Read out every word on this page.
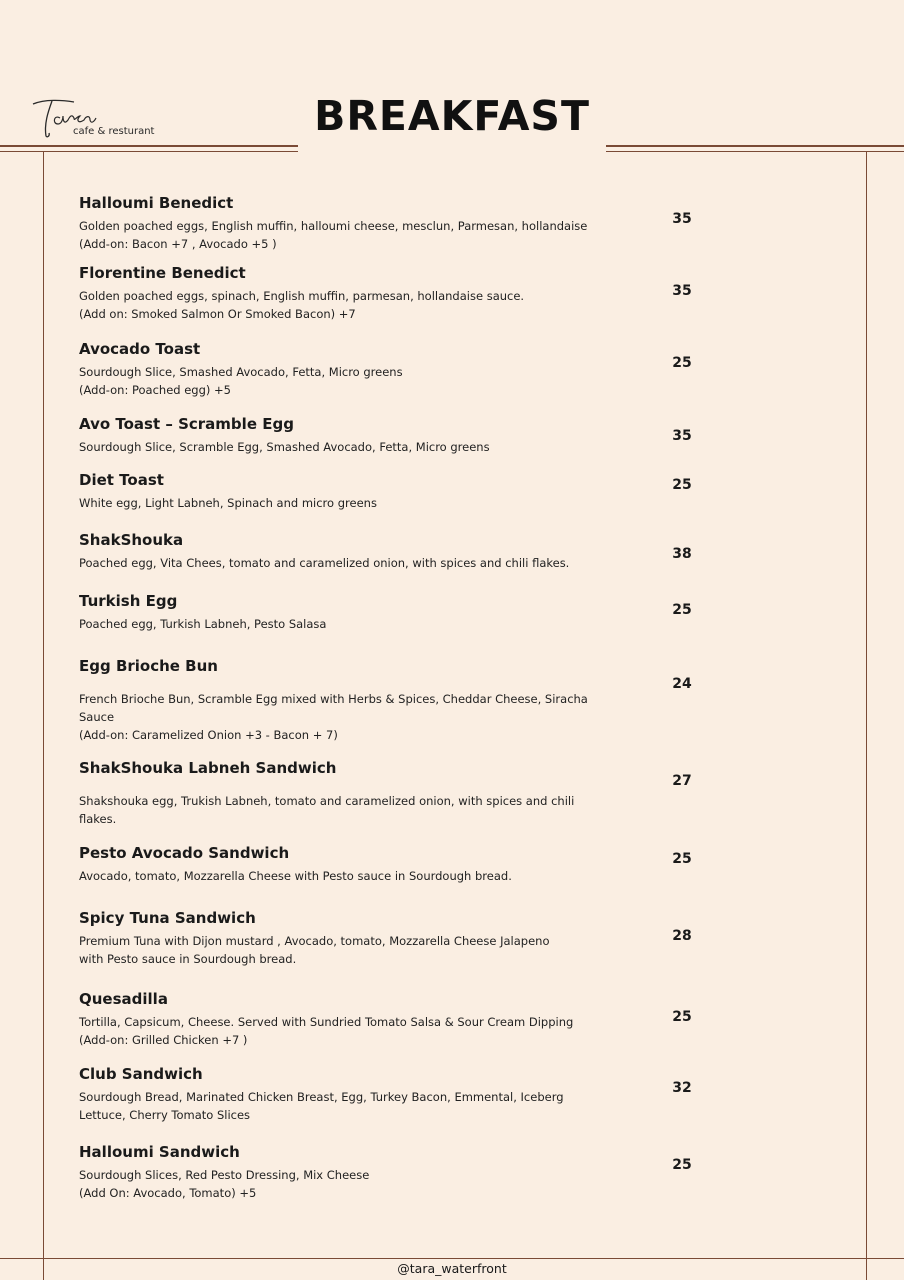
cafe & resturant	BREAKFAST
Halloumi Benedict
Golden poached eggs, English muffin, halloumi cheese, mesclun, Parmesan, hollandaise
(Add-on: Bacon +7 , Avocado +5 )
35
Florentine Benedict
Golden poached eggs, spinach, English muffin, parmesan, hollandaise sauce.
(Add on: Smoked Salmon Or Smoked Bacon) +7
35
Avocado Toast
Sourdough Slice, Smashed Avocado, Fetta, Micro greens
(Add-on: Poached egg) +5
25
Avo Toast – Scramble Egg
Sourdough Slice, Scramble Egg, Smashed Avocado, Fetta, Micro greens
35
Diet Toast
White egg, Light Labneh, Spinach and micro greens
25
ShakShouka
Poached egg, Vita Chees, tomato and caramelized onion, with spices and chili flakes.
38
Turkish Egg
Poached egg, Turkish Labneh, Pesto Salasa
25
Egg Brioche Bun
French Brioche Bun, Scramble Egg mixed with Herbs & Spices, Cheddar Cheese, Siracha
Sauce
(Add-on: Caramelized Onion +3 - Bacon + 7)
24
ShakShouka Labneh Sandwich
Shakshouka egg, Trukish Labneh, tomato and caramelized onion, with spices and chili
flakes.
27
Pesto Avocado Sandwich
Avocado, tomato, Mozzarella Cheese with Pesto sauce in Sourdough bread.
25
Spicy Tuna Sandwich
Premium Tuna with Dijon mustard , Avocado, tomato, Mozzarella Cheese Jalapeno
with Pesto sauce in Sourdough bread.
28
Quesadilla
Tortilla, Capsicum, Cheese. Served with Sundried Tomato Salsa & Sour Cream Dipping
(Add-on: Grilled Chicken +7 )
25
Club Sandwich
Sourdough Bread, Marinated Chicken Breast, Egg, Turkey Bacon, Emmental, Iceberg
Lettuce, Cherry Tomato Slices
32
Halloumi Sandwich
Sourdough Slices, Red Pesto Dressing, Mix Cheese
(Add On: Avocado, Tomato) +5
25
@tara_waterfront
